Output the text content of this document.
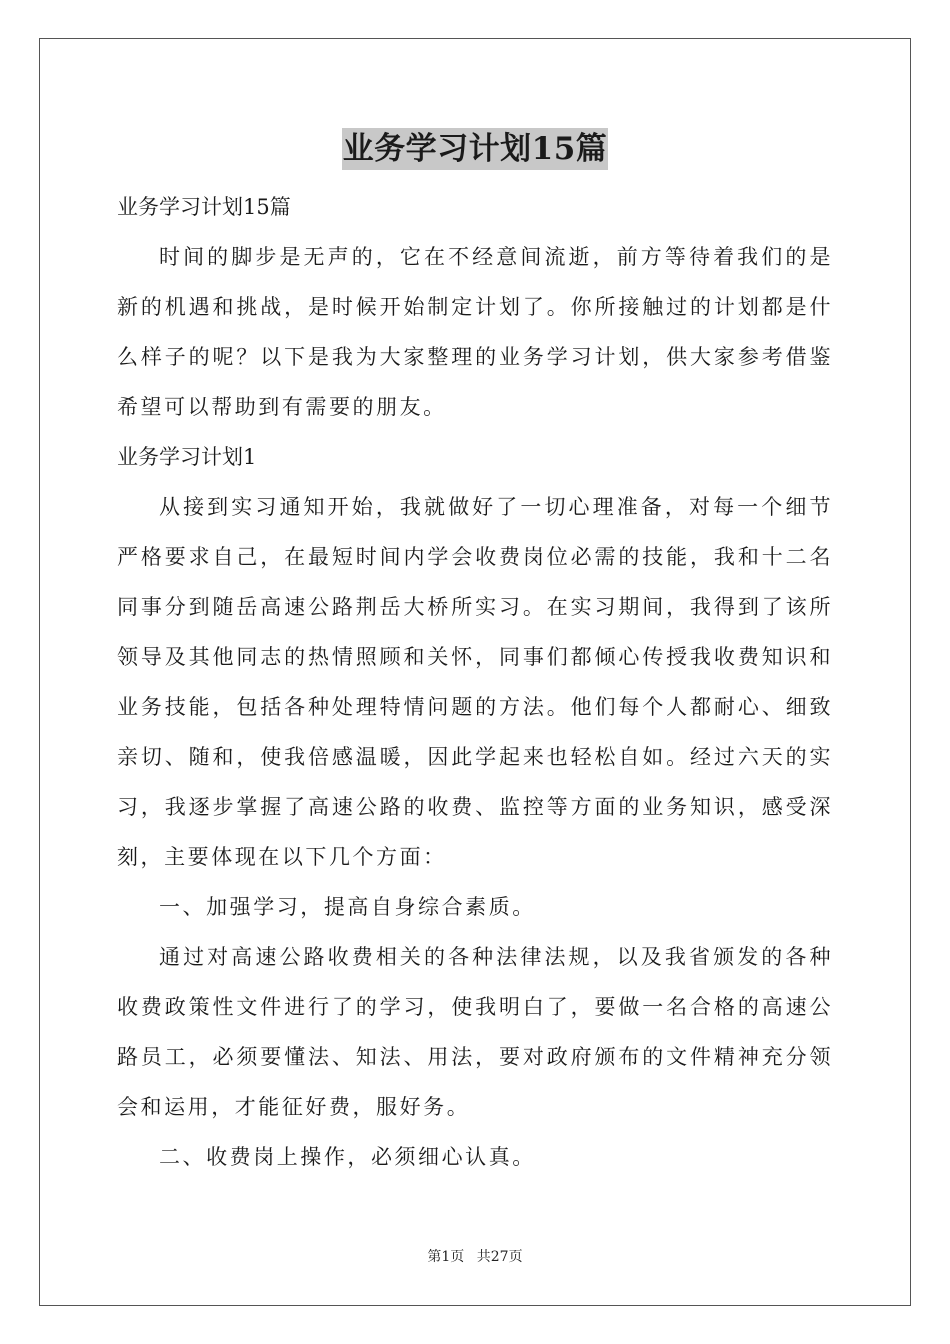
业务学习计划15篇

业务学习计划15篇

时间的脚步是无声的，它在不经意间流逝，前方等待着我们的是新的机遇和挑战，是时候开始制定计划了。你所接触过的计划都是什么样子的呢？以下是我为大家整理的业务学习计划，供大家参考借鉴希望可以帮助到有需要的朋友。

业务学习计划1

从接到实习通知开始，我就做好了一切心理准备，对每一个细节严格要求自己，在最短时间内学会收费岗位必需的技能，我和十二名同事分到随岳高速公路荆岳大桥所实习。在实习期间，我得到了该所领导及其他同志的热情照顾和关怀，同事们都倾心传授我收费知识和业务技能，包括各种处理特情问题的方法。他们每个人都耐心、细致亲切、随和，使我倍感温暖，因此学起来也轻松自如。经过六天的实习，我逐步掌握了高速公路的收费、监控等方面的业务知识，感受深刻，主要体现在以下几个方面：

一、加强学习，提高自身综合素质。

通过对高速公路收费相关的各种法律法规，以及我省颁发的各种收费政策性文件进行了的学习，使我明白了，要做一名合格的高速公路员工，必须要懂法、知法、用法，要对政府颁布的文件精神充分领会和运用，才能征好费，服好务。

二、收费岗上操作，必须细心认真。

第1页 共27页
